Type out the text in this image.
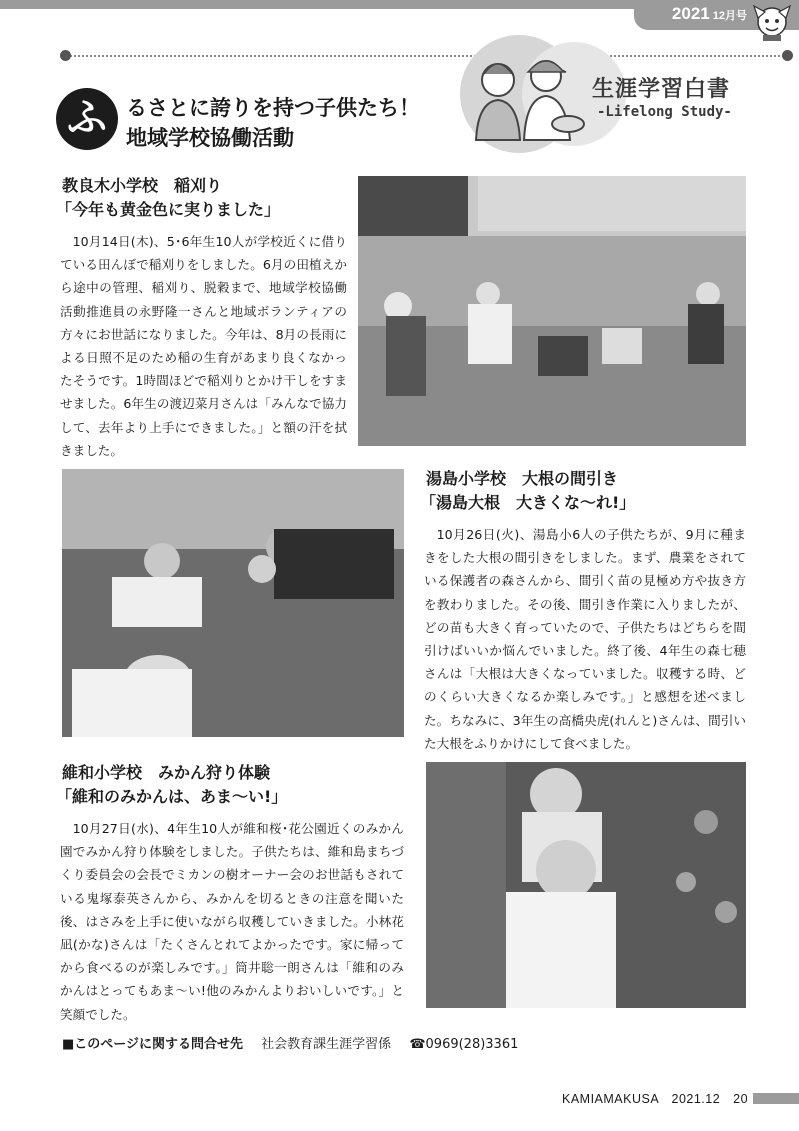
2021 12月号
ふ るさとに誇りを持つ子供たち！
地域学校協働活動
生涯学習白書
-Lifelong Study-
教良木小学校　稲刈り
「今年も黄金色に実りました」
10月14日(木)、5･6年生10人が学校近くに借りている田んぼで稲刈りをしました。6月の田植えから途中の管理、稲刈り、脱穀まで、地域学校協働活動推進員の永野隆一さんと地域ボランティアの方々にお世話になりました。今年は、8月の長雨による日照不足のため稲の生育があまり良くなかったそうです。1時間ほどで稲刈りとかけ干しをすませました。6年生の渡辺菜月さんは「みんなで協力して、去年より上手にできました。」と額の汗を拭きました。
湯島小学校　大根の間引き
「湯島大根　大きくな〜れ!」
10月26日(火)、湯島小6人の子供たちが、9月に種まきをした大根の間引きをしました。まず、農業をされている保護者の森さんから、間引く苗の見極め方や抜き方を教わりました。その後、間引き作業に入りましたが、どの苗も大きく育っていたので、子供たちはどちらを間引けばいいか悩んでいました。終了後、4年生の森七穂さんは「大根は大きくなっていました。収穫する時、どのくらい大きくなるか楽しみです。」と感想を述べました。ちなみに、3年生の高橋央虎(れんと)さんは、間引いた大根をふりかけにして食べました。
維和小学校　みかん狩り体験
「維和のみかんは、あま〜い!」
10月27日(水)、4年生10人が維和桜･花公園近くのみかん園でみかん狩り体験をしました。子供たちは、維和島まちづくり委員会の会長でミカンの樹オーナー会のお世話もされている鬼塚泰英さんから、みかんを切るときの注意を聞いた後、はさみを上手に使いながら収穫していきました。小林花凪(かな)さんは「たくさんとれてよかったです。家に帰ってから食べるのが楽しみです。」筒井聡一朗さんは「維和のみかんはとってもあま〜い!他のみかんよりおいしいです。」と笑顔でした。
■このページに関する問合せ先 社会教育課生涯学習係 ☎0969(28)3361
KAMIAMAKUSA　2021.12　20
